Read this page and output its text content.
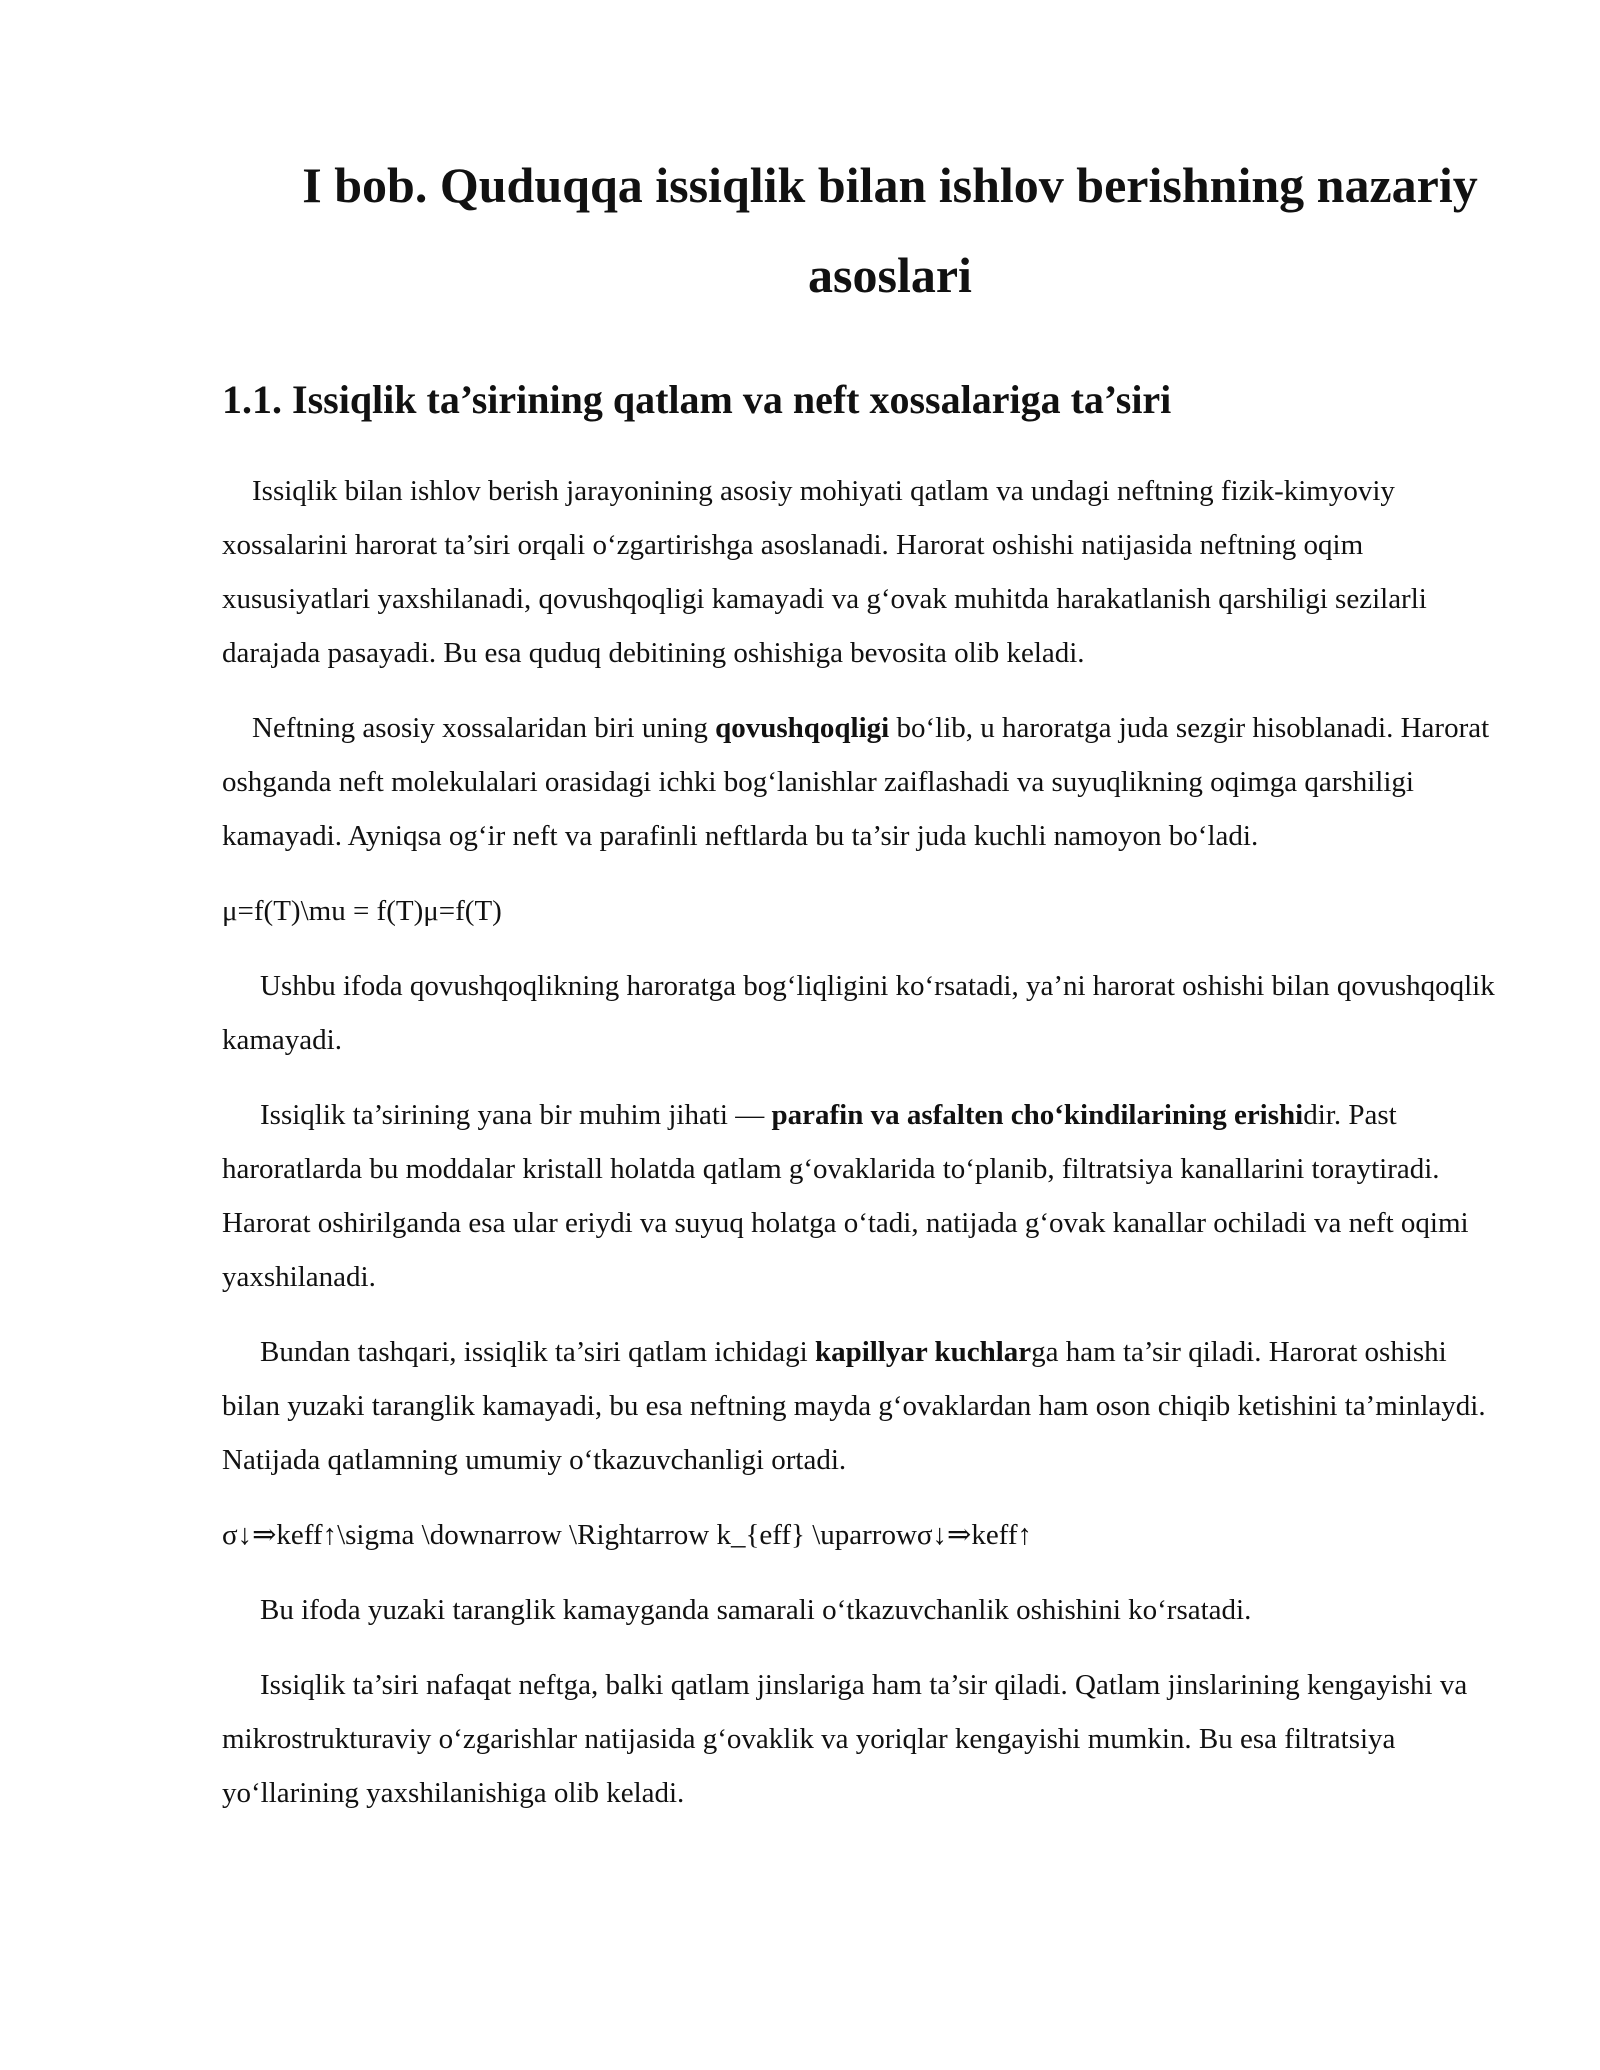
I bob. Quduqqa issiqlik bilan ishlov berishning nazariy asoslari
1.1. Issiqlik ta’sirining qatlam va neft xossalariga ta’siri

Issiqlik bilan ishlov berish jarayonining asosiy mohiyati qatlam va undagi neftning fizik-kimyoviy xossalarini harorat ta’siri orqali o‘zgartirishga asoslanadi. Harorat oshishi natijasida neftning oqim xususiyatlari yaxshilanadi, qovushqoqligi kamayadi va g‘ovak muhitda harakatlanish qarshiligi sezilarli darajada pasayadi. Bu esa quduq debitining oshishiga bevosita olib keladi.

Neftning asosiy xossalaridan biri uning qovushqoqligi bo‘lib, u haroratga juda sezgir hisoblanadi. Harorat oshganda neft molekulalari orasidagi ichki bog‘lanishlar zaiflashadi va suyuqlikning oqimga qarshiligi kamayadi. Ayniqsa og‘ir neft va parafinli neftlarda bu ta’sir juda kuchli namoyon bo‘ladi.

μ=f(T)\mu = f(T)μ=f(T)

Ushbu ifoda qovushqoqlikning haroratga bog‘liqligini ko‘rsatadi, ya’ni harorat oshishi bilan qovushqoqlik kamayadi.

Issiqlik ta’sirining yana bir muhim jihati — parafin va asfalten cho‘kindilarining erishidir. Past haroratlarda bu moddalar kristall holatda qatlam g‘ovaklarida to‘planib, filtratsiya kanallarini toraytiradi. Harorat oshirilganda esa ular eriydi va suyuq holatga o‘tadi, natijada g‘ovak kanallar ochiladi va neft oqimi yaxshilanadi.

Bundan tashqari, issiqlik ta’siri qatlam ichidagi kapillyar kuchlarga ham ta’sir qiladi. Harorat oshishi bilan yuzaki taranglik kamayadi, bu esa neftning mayda g‘ovaklardan ham oson chiqib ketishini ta’minlaydi. Natijada qatlamning umumiy o‘tkazuvchanligi ortadi.

σ↓⇒keff↑\sigma \downarrow \Rightarrow k_{eff} \uparrowσ↓⇒keff↑

Bu ifoda yuzaki taranglik kamayganda samarali o‘tkazuvchanlik oshishini ko‘rsatadi.

Issiqlik ta’siri nafaqat neftga, balki qatlam jinslariga ham ta’sir qiladi. Qatlam jinslarining kengayishi va mikrostrukturaviy o‘zgarishlar natijasida g‘ovaklik va yoriqlar kengayishi mumkin. Bu esa filtratsiya yo‘llarining yaxshilanishiga olib keladi.
